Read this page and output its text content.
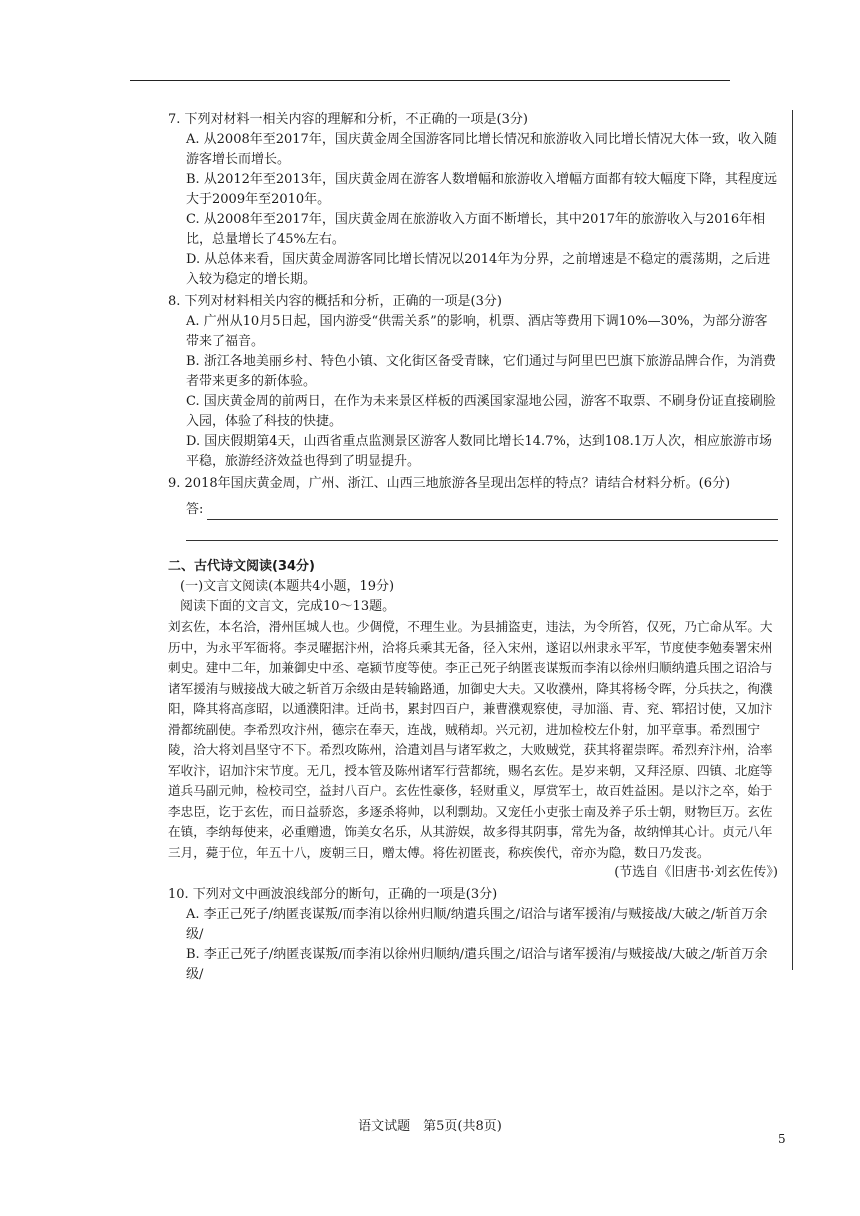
7. 下列对材料一相关内容的理解和分析，不正确的一项是(3分)
A. 从2008年至2017年，国庆黄金周全国游客同比增长情况和旅游收入同比增长情况大体一致，收入随游客增长而增长。
B. 从2012年至2013年，国庆黄金周在游客人数增幅和旅游收入增幅方面都有较大幅度下降，其程度远大于2009年至2010年。
C. 从2008年至2017年，国庆黄金周在旅游收入方面不断增长，其中2017年的旅游收入与2016年相比，总量增长了45%左右。
D. 从总体来看，国庆黄金周游客同比增长情况以2014年为分界，之前增速是不稳定的震荡期，之后进入较为稳定的增长期。
8. 下列对材料相关内容的概括和分析，正确的一项是(3分)
A. 广州从10月5日起，国内游受“供需关系”的影响，机票、酒店等费用下调10%—30%，为部分游客带来了福音。
B. 浙江各地美丽乡村、特色小镇、文化街区备受青睐，它们通过与阿里巴巴旗下旅游品牌合作，为消费者带来更多的新体验。
C. 国庆黄金周的前两日，在作为未来景区样板的西溪国家湿地公园，游客不取票、不刷身份证直接刷脸入园，体验了科技的快捷。
D. 国庆假期第4天，山西省重点监测景区游客人数同比增长14.7%，达到108.1万人次，相应旅游市场平稳，旅游经济效益也得到了明显提升。
9. 2018年国庆黄金周，广州、浙江、山西三地旅游各呈现出怎样的特点？请结合材料分析。(6分)
答:
二、古代诗文阅读(34分)
(一)文言文阅读(本题共4小题，19分)
阅读下面的文言文，完成10～13题。
刘玄佐，本名洽，滑州匡城人也。少倜傥，不理生业。为县捕盗吏，违法，为令所笞，仅死，乃亡命从军。大历中，为永平军衙将。李灵曜据汴州，洽将兵乘其无备，径入宋州，遂诏以州隶永平军，节度使李勉奏署宋州刺史。建中二年，加兼御史中丞、亳颍节度等使。李正己死子纳匿丧谋叛而李洧以徐州归顺纳遣兵围之诏洽与诸军援洧与贼接战大破之斩首万余级由是转输路通，加御史大夫。又收濮州，降其将杨令晖，分兵扶之，徇濮阳，降其将高彦昭，以通濮阳津。迁尚书，累封四百户，兼曹濮观察使，寻加淄、青、兖、郓招讨使，又加汴滑都统副使。李希烈攻汴州，德宗在奉天，连战，贼稍却。兴元初，进加检校左仆射，加平章事。希烈围宁陵，洽大将刘昌坚守不下。希烈攻陈州，洽遣刘昌与诸军救之，大败贼党，获其将翟崇晖。希烈弃汴州，洽率军收汴，诏加汴宋节度。无几，授本管及陈州诸军行营都统，赐名玄佐。是岁来朝，又拜泾原、四镇、北庭等道兵马副元帅，检校司空，益封八百户。玄佐性豪侈，轻财重义，厚赏军士，故百姓益困。是以汴之卒，始于李忠臣，讫于玄佐，而日益骄恣，多逐杀将帅，以利剽劫。又宠任小吏张士南及养子乐士朝，财物巨万。玄佐在镇，李纳每使来，必重赠遗，饰美女名乐，从其游娱，故多得其阴事，常先为备，故纳惮其心计。贞元八年三月，薨于位，年五十八，废朝三日，赠太傅。将佐初匿丧，称疾俟代，帝亦为隐，数日乃发丧。
(节选自《旧唐书·刘玄佐传》)
10. 下列对文中画波浪线部分的断句，正确的一项是(3分)
A. 李正己死子/纳匿丧谋叛/而李洧以徐州归顺/纳遣兵围之/诏洽与诸军援洧/与贼接战/大破之/斩首万余级/
B. 李正己死子/纳匿丧谋叛/而李洧以徐州归顺纳/遣兵围之/诏洽与诸军援洧/与贼接战/大破之/斩首万余级/
语文试题　第5页(共8页)
5
